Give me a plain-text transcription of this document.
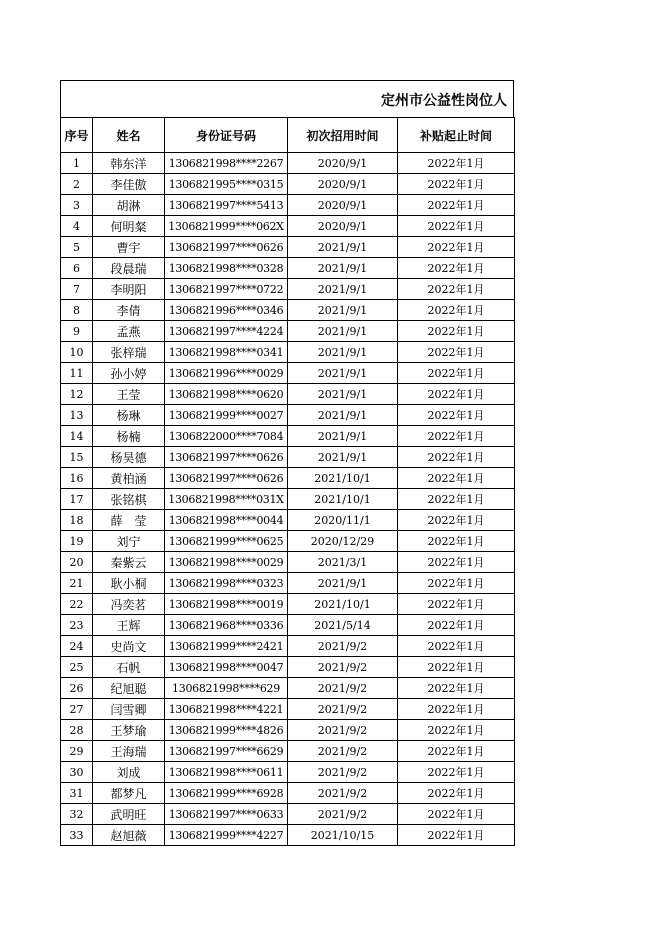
定州市公益性岗位人
序号	姓名	身份证号码	初次招用时间	补贴起止时间
1	韩东洋	1306821998****2267	2020/9/1	2022年1月
2	李佳傲	1306821995****0315	2020/9/1	2022年1月
3	胡淋	1306821997****5413	2020/9/1	2022年1月
4	何明粲	1306821999****062X	2020/9/1	2022年1月
5	曹宇	1306821997****0626	2021/9/1	2022年1月
6	段晨瑞	1306821998****0328	2021/9/1	2022年1月
7	李明阳	1306821997****0722	2021/9/1	2022年1月
8	李倩	1306821996****0346	2021/9/1	2022年1月
9	孟燕	1306821997****4224	2021/9/1	2022年1月
10	张梓瑞	1306821998****0341	2021/9/1	2022年1月
11	孙小婷	1306821996****0029	2021/9/1	2022年1月
12	王莹	1306821998****0620	2021/9/1	2022年1月
13	杨琳	1306821999****0027	2021/9/1	2022年1月
14	杨楠	1306822000****7084	2021/9/1	2022年1月
15	杨昊德	1306821997****0626	2021/9/1	2022年1月
16	黄柏涵	1306821997****0626	2021/10/1	2022年1月
17	张铭棋	1306821998****031X	2021/10/1	2022年1月
18	薛　莹	1306821998****0044	2020/11/1	2022年1月
19	刘宁	1306821999****0625	2020/12/29	2022年1月
20	秦紫云	1306821998****0029	2021/3/1	2022年1月
21	耿小桐	1306821998****0323	2021/9/1	2022年1月
22	冯奕茗	1306821998****0019	2021/10/1	2022年1月
23	王辉	1306821968****0336	2021/5/14	2022年1月
24	史尚文	1306821999****2421	2021/9/2	2022年1月
25	石帆	1306821998****0047	2021/9/2	2022年1月
26	纪旭聪	1306821998****629	2021/9/2	2022年1月
27	闫雪卿	1306821998****4221	2021/9/2	2022年1月
28	王梦瑜	1306821999****4826	2021/9/2	2022年1月
29	王海瑞	1306821997****6629	2021/9/2	2022年1月
30	刘成	1306821998****0611	2021/9/2	2022年1月
31	都梦凡	1306821999****6928	2021/9/2	2022年1月
32	武明旺	1306821997****0633	2021/9/2	2022年1月
33	赵旭薇	1306821999****4227	2021/10/15	2022年1月
